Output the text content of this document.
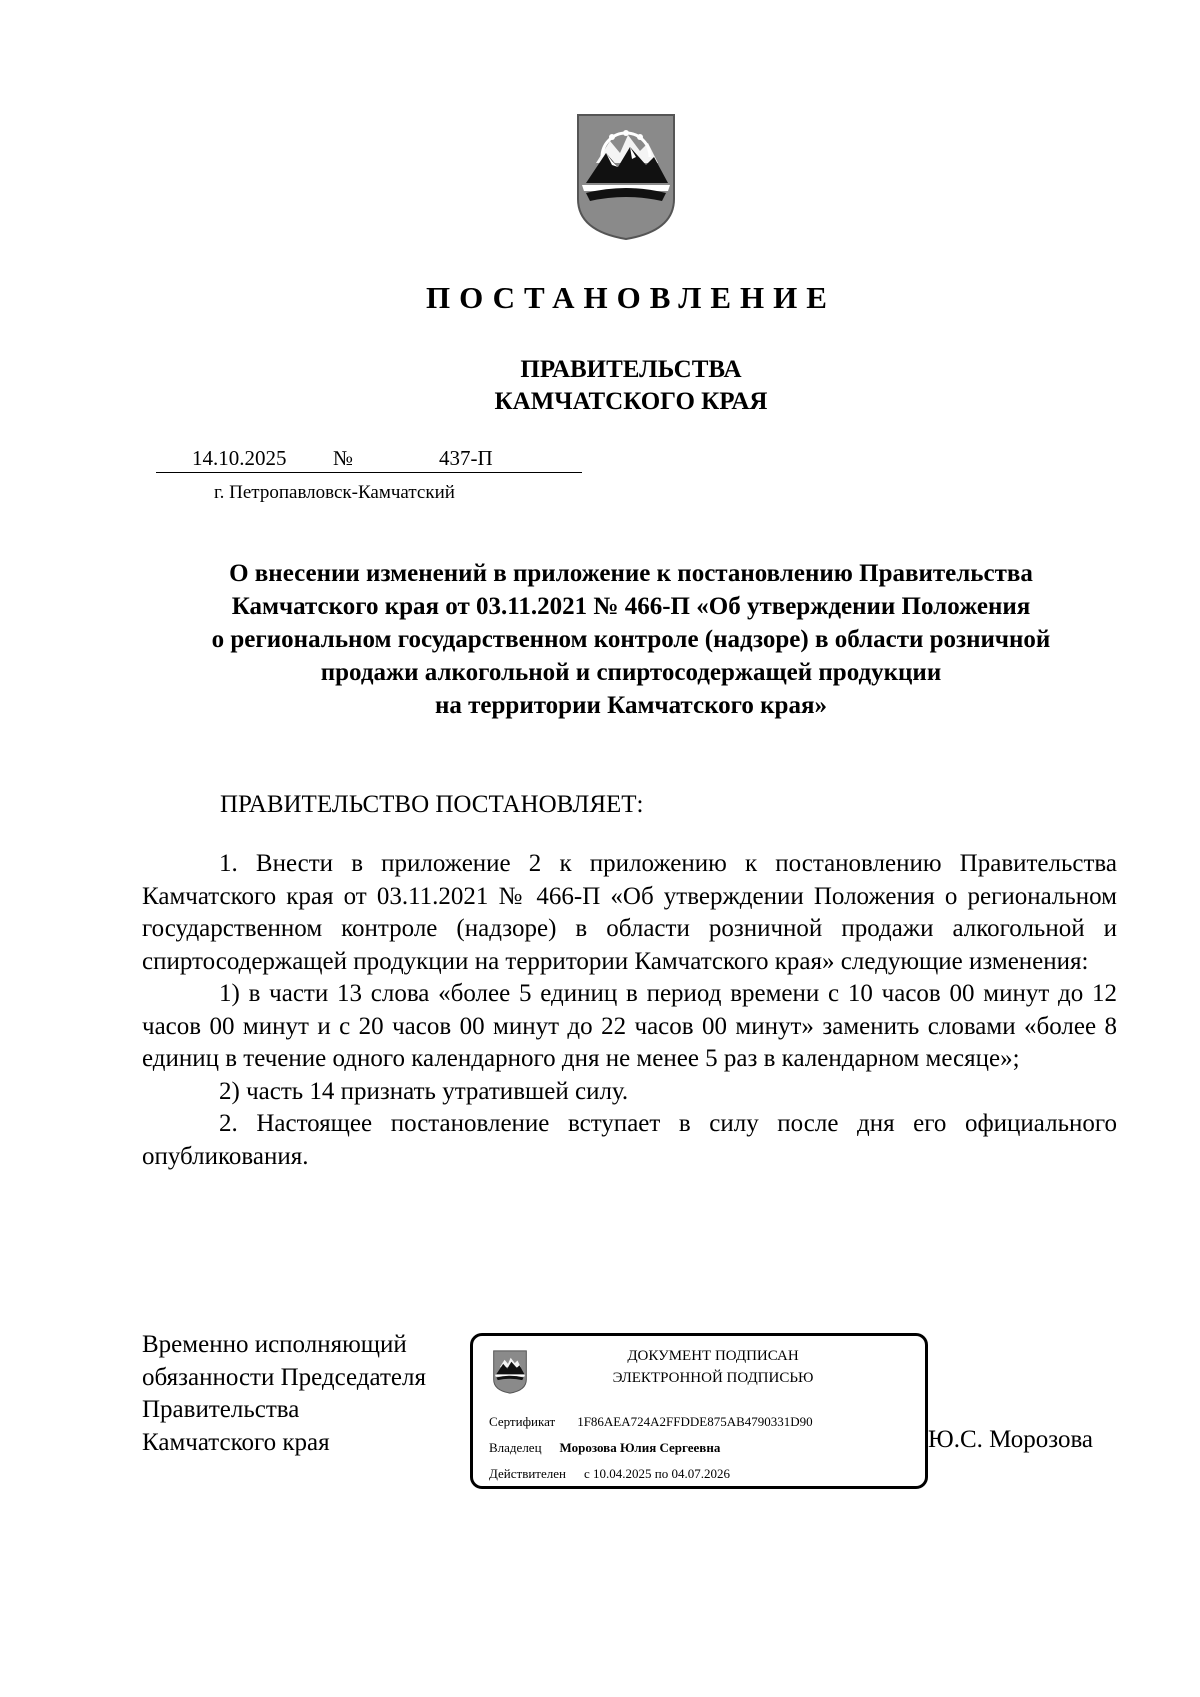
ПОСТАНОВЛЕНИЕ
ПРАВИТЕЛЬСТВА
КАМЧАТСКОГО КРАЯ
14.10.2025 №	437-П
г. Петропавловск-Камчатский
О внесении изменений в приложение к постановлению Правительства
Камчатского края от 03.11.2021 № 466-П «Об утверждении Положения
о региональном государственном контроле (надзоре) в области розничной
продажи алкогольной и спиртосодержащей продукции
на территории Камчатского края»
ПРАВИТЕЛЬСТВО ПОСТАНОВЛЯЕТ:

1. Внести в приложение 2 к приложению к постановлению Правительства Камчатского края от 03.11.2021 № 466-П «Об утверждении Положения о региональном государственном контроле (надзоре) в области розничной продажи алкогольной и спиртосодержащей продукции на территории Камчатского края» следующие изменения:

1) в части 13 слова «более 5 единиц в период времени с 10 часов 00 минут до 12 часов 00 минут и с 20 часов 00 минут до 22 часов 00 минут» заменить словами «более 8 единиц в течение одного календарного дня не менее 5 раз в календарном месяце»;

2) часть 14 признать утратившей силу.

2. Настоящее постановление вступает в силу после дня его официального опубликования.

Временно исполняющий
обязанности Председателя
Правительства
Камчатского края
ДОКУМЕНТ ПОДПИСАН
ЭЛЕКТРОННОЙ ПОДПИСЬЮ
Сертификат 1F86AEA724A2FFDDE875AB4790331D90
Владелец Морозова Юлия Сергеевна
Действителен с 10.04.2025 по 04.07.2026
Ю.С. Морозова
